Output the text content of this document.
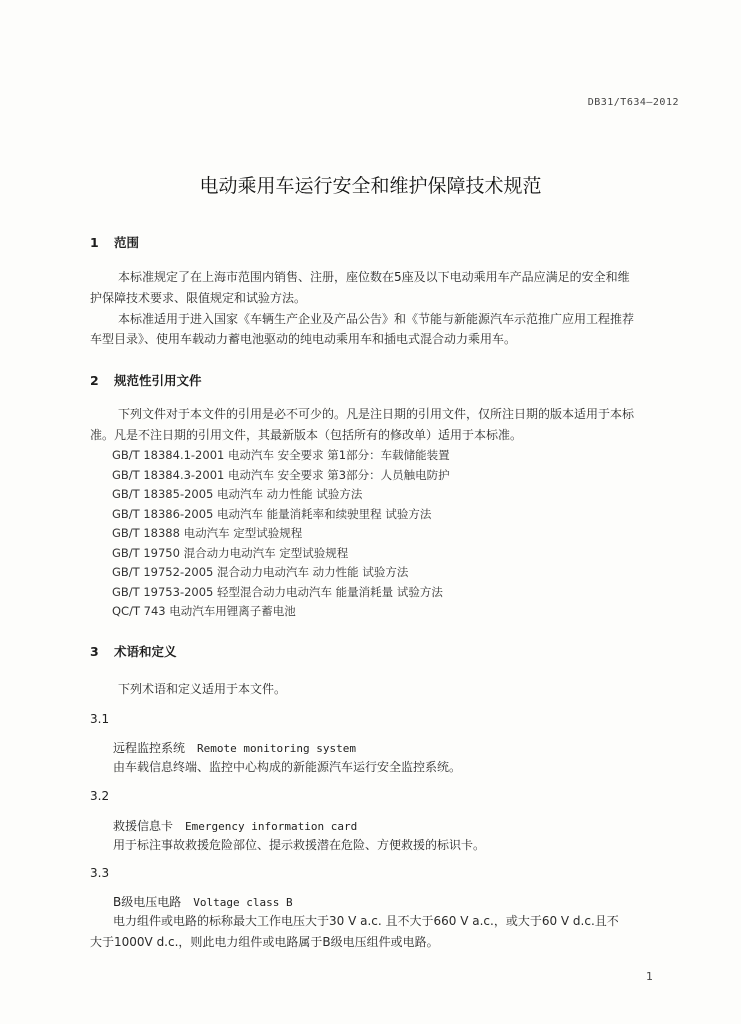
DB31/T634—2012
电动乘用车运行安全和维护保障技术规范
1 范围
本标准规定了在上海市范围内销售、注册，座位数在5座及以下电动乘用车产品应满足的安全和维
护保障技术要求、限值规定和试验方法。
本标准适用于进入国家《车辆生产企业及产品公告》和《节能与新能源汽车示范推广应用工程推荐
车型目录》、使用车载动力蓄电池驱动的纯电动乘用车和插电式混合动力乘用车。
2 规范性引用文件
下列文件对于本文件的引用是必不可少的。凡是注日期的引用文件，仅所注日期的版本适用于本标
准。凡是不注日期的引用文件，其最新版本（包括所有的修改单）适用于本标准。
GB/T 18384.1-2001 电动汽车 安全要求 第1部分：车载储能装置
GB/T 18384.3-2001 电动汽车 安全要求 第3部分：人员触电防护
GB/T 18385-2005 电动汽车 动力性能 试验方法
GB/T 18386-2005 电动汽车 能量消耗率和续驶里程 试验方法
GB/T 18388 电动汽车 定型试验规程
GB/T 19750 混合动力电动汽车 定型试验规程
GB/T 19752-2005 混合动力电动汽车 动力性能 试验方法
GB/T 19753-2005 轻型混合动力电动汽车 能量消耗量 试验方法
QC/T 743 电动汽车用锂离子蓄电池
3 术语和定义
下列术语和定义适用于本文件。
3.1
远程监控系统 Remote monitoring system
由车载信息终端、监控中心构成的新能源汽车运行安全监控系统。
3.2
救援信息卡 Emergency information card
用于标注事故救援危险部位、提示救援潜在危险、方便救援的标识卡。
3.3
B级电压电路 Voltage class B
电力组件或电路的标称最大工作电压大于30 V a.c. 且不大于660 V a.c.，或大于60 V d.c.且不
大于1000V d.c.，则此电力组件或电路属于B级电压组件或电路。
1
